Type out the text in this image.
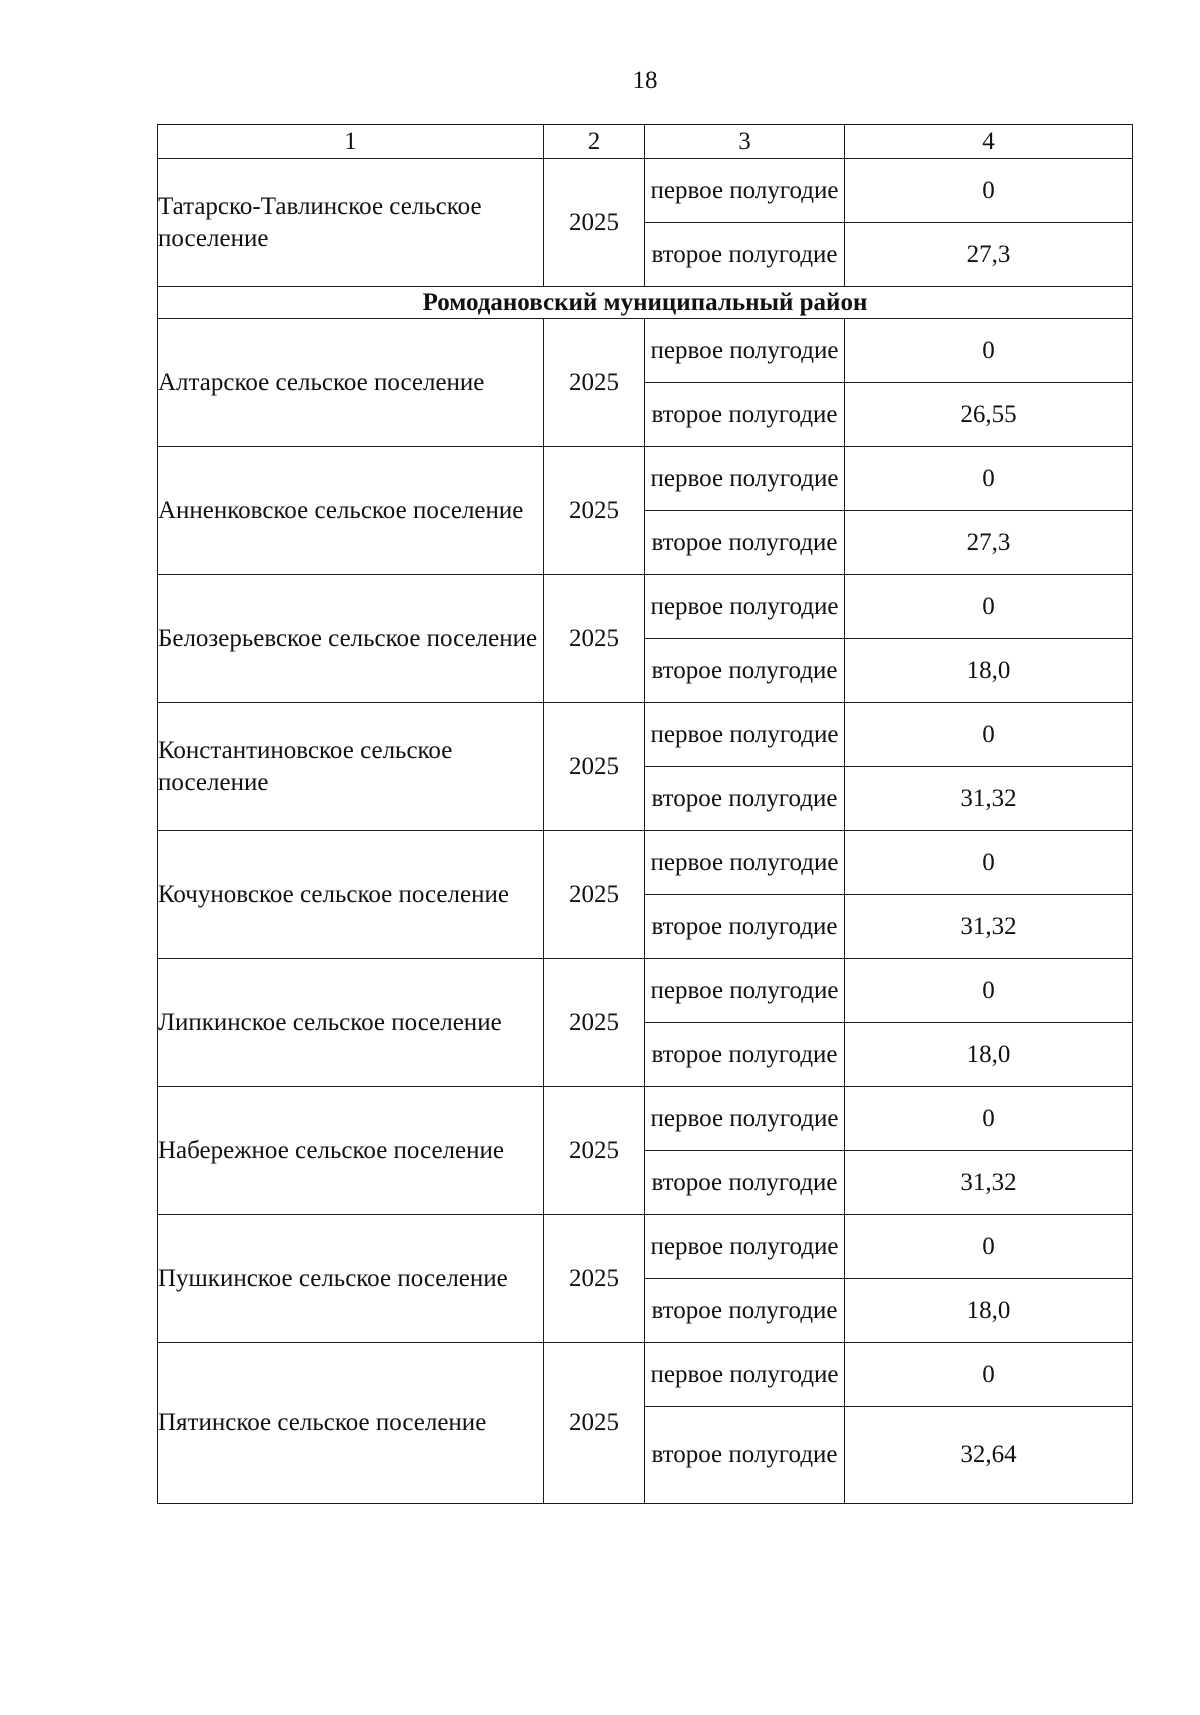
18
1	2	3	4
Татарско-Тавлинское сельское поселение	2025	первое полугодие	0
		второе полугодие	27,3
Ромодановский муниципальный район			
Алтарское сельское поселение	2025	первое полугодие	0
		второе полугодие	26,55
Анненковское сельское поселение	2025	первое полугодие	0
		второе полугодие	27,3
Белозерьевское сельское поселение	2025	первое полугодие	0
		второе полугодие	18,0
Константиновское сельское поселение	2025	первое полугодие	0
		второе полугодие	31,32
Кочуновское сельское поселение	2025	первое полугодие	0
		второе полугодие	31,32
Липкинское сельское поселение	2025	первое полугодие	0
		второе полугодие	18,0
Набережное сельское поселение	2025	первое полугодие	0
		второе полугодие	31,32
Пушкинское сельское поселение	2025	первое полугодие	0
		второе полугодие	18,0
Пятинское сельское поселение	2025	первое полугодие	0
		второе полугодие	32,64
